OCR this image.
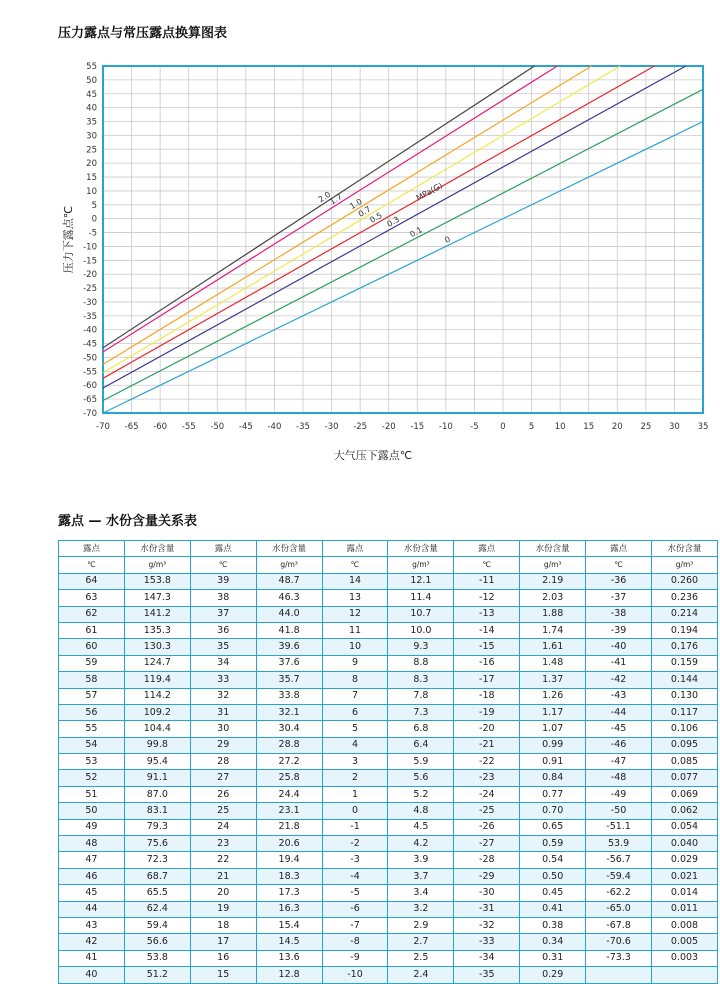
压力露点与常压露点换算图表
0
0.1
0.3
0.5
0.7
1.0
1.7
2.0
-70 -65 -60 -55 -50 -45 -40 -35 -30 -25 -20 -15 -10 -5	0	5 10 15 20 25 30 35
55
50
45
40
35
30
25
20
15
10
5
0
-5
-10
-15
-20
-25
-30
-35
-40
-45
-50
-55
-60
-65
-70
MPa(G)
大气压下露点℃
压力下露点℃
露点 — 水份含量关系表
露点	水份含量	露点	水份含量	露点	水份含量	露点	水份含量	露点	水份含量
℃	g/m³	℃	g/m³	℃	g/m³	℃	g/m³	℃	g/m³
64	153.8	39	48.7	14	12.1	-11	2.19	-36	0.260
63	147.3	38	46.3	13	11.4	-12	2.03	-37	0.236
62	141.2	37	44.0	12	10.7	-13	1.88	-38	0.214
61	135.3	36	41.8	11	10.0	-14	1.74	-39	0.194
60	130.3	35	39.6	10	9.3	-15	1.61	-40	0.176
59	124.7	34	37.6	9	8.8	-16	1.48	-41	0.159
58	119.4	33	35.7	8	8.3	-17	1.37	-42	0.144
57	114.2	32	33.8	7	7.8	-18	1.26	-43	0.130
56	109.2	31	32.1	6	7.3	-19	1.17	-44	0.117
55	104.4	30	30.4	5	6.8	-20	1.07	-45	0.106
54	99.8	29	28.8	4	6.4	-21	0.99	-46	0.095
53	95.4	28	27.2	3	5.9	-22	0.91	-47	0.085
52	91.1	27	25.8	2	5.6	-23	0.84	-48	0.077
51	87.0	26	24.4	1	5.2	-24	0.77	-49	0.069
50	83.1	25	23.1	0	4.8	-25	0.70	-50	0.062
49	79.3	24	21.8	-1	4.5	-26	0.65	-51.1	0.054
48	75.6	23	20.6	-2	4.2	-27	0.59	53.9	0.040
47	72.3	22	19.4	-3	3.9	-28	0.54	-56.7	0.029
46	68.7	21	18.3	-4	3.7	-29	0.50	-59.4	0.021
45	65.5	20	17.3	-5	3.4	-30	0.45	-62.2	0.014
44	62.4	19	16.3	-6	3.2	-31	0.41	-65.0	0.011
43	59.4	18	15.4	-7	2.9	-32	0.38	-67.8	0.008
42	56.6	17	14.5	-8	2.7	-33	0.34	-70.6	0.005
41	53.8	16	13.6	-9	2.5	-34	0.31	-73.3	0.003
40	51.2	15	12.8	-10	2.4	-35	0.29		
